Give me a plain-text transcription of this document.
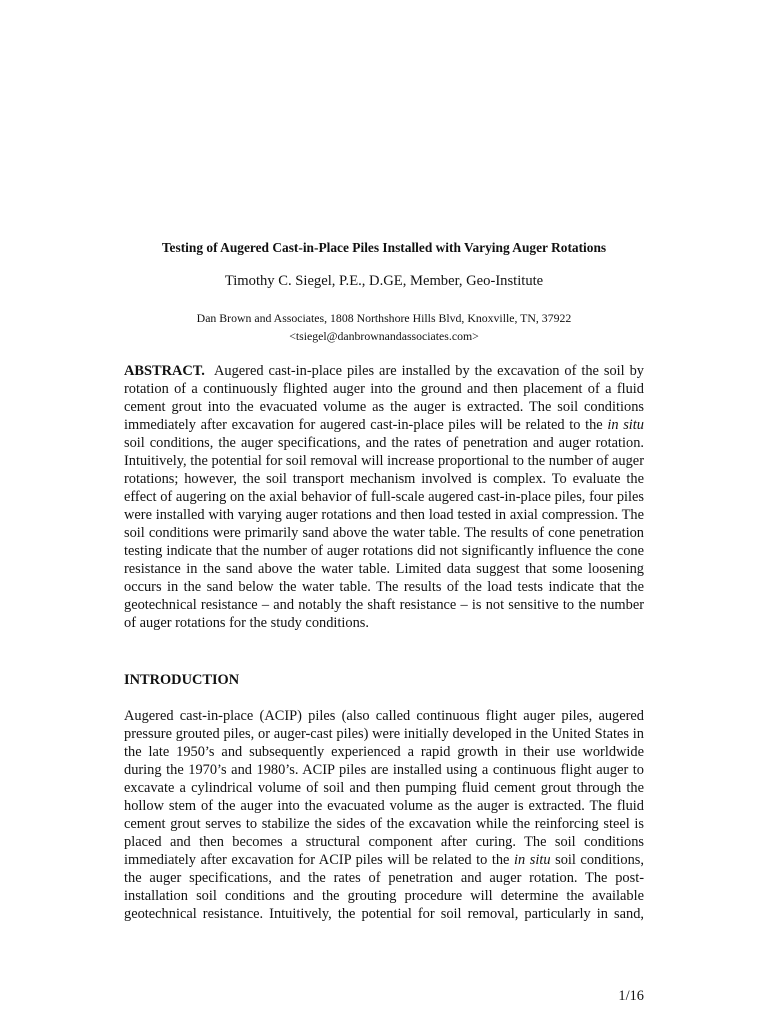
Testing of Augered Cast-in-Place Piles Installed with Varying Auger Rotations
Timothy C. Siegel, P.E., D.GE, Member, Geo-Institute
Dan Brown and Associates, 1808 Northshore Hills Blvd, Knoxville, TN, 37922
<tsiegel@danbrownandassociates.com>
ABSTRACT. Augered cast-in-place piles are installed by the excavation of the soil by rotation of a continuously flighted auger into the ground and then placement of a fluid cement grout into the evacuated volume as the auger is extracted. The soil conditions immediately after excavation for augered cast-in-place piles will be related to the in situ soil conditions, the auger specifications, and the rates of penetration and auger rotation. Intuitively, the potential for soil removal will increase proportional to the number of auger rotations; however, the soil transport mechanism involved is complex. To evaluate the effect of augering on the axial behavior of full-scale augered cast-in-place piles, four piles were installed with varying auger rotations and then load tested in axial compression. The soil conditions were primarily sand above the water table. The results of cone penetration testing indicate that the number of auger rotations did not significantly influence the cone resistance in the sand above the water table. Limited data suggest that some loosening occurs in the sand below the water table. The results of the load tests indicate that the geotechnical resistance – and notably the shaft resistance – is not sensitive to the number of auger rotations for the study conditions.
INTRODUCTION
Augered cast-in-place (ACIP) piles (also called continuous flight auger piles, augered pressure grouted piles, or auger-cast piles) were initially developed in the United States in the late 1950’s and subsequently experienced a rapid growth in their use worldwide during the 1970’s and 1980’s. ACIP piles are installed using a continuous flight auger to excavate a cylindrical volume of soil and then pumping fluid cement grout through the hollow stem of the auger into the evacuated volume as the auger is extracted. The fluid cement grout serves to stabilize the sides of the excavation while the reinforcing steel is placed and then becomes a structural component after curing. The soil conditions immediately after excavation for ACIP piles will be related to the in situ soil conditions, the auger specifications, and the rates of penetration and auger rotation. The post-installation soil conditions and the grouting procedure will determine the available geotechnical resistance. Intuitively, the potential for soil removal, particularly in sand,
1/16
